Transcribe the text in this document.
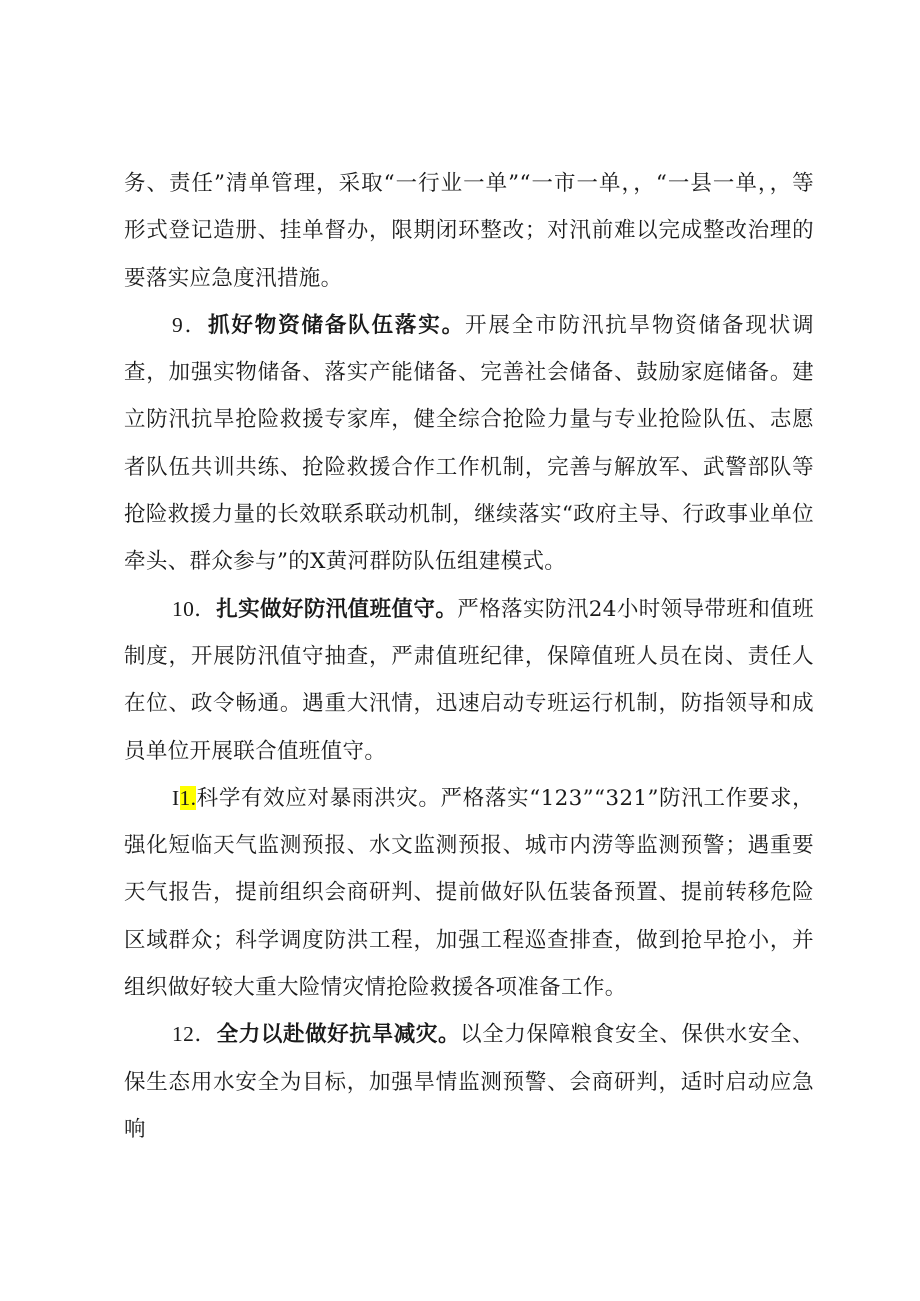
务、责任”清单管理，采取“一行业一单”“一市一单，，“一县一单，，等形式登记造册、挂单督办，限期闭环整改；对汛前难以完成整改治理的要落实应急度汛措施。

9．抓好物资储备队伍落实。开展全市防汛抗旱物资储备现状调查，加强实物储备、落实产能储备、完善社会储备、鼓励家庭储备。建立防汛抗旱抢险救援专家库，健全综合抢险力量与专业抢险队伍、志愿者队伍共训共练、抢险救援合作工作机制，完善与解放军、武警部队等抢险救援力量的长效联系联动机制，继续落实“政府主导、行政事业单位牵头、群众参与”的X黄河群防队伍组建模式。

10．扎实做好防汛值班值守。严格落实防汛24小时领导带班和值班制度，开展防汛值守抽查，严肃值班纪律，保障值班人员在岗、责任人在位、政令畅通。遇重大汛情，迅速启动专班运行机制，防指领导和成员单位开展联合值班值守。

I1.科学有效应对暴雨洪灾。严格落实“123”“321”防汛工作要求，强化短临天气监测预报、水文监测预报、城市内涝等监测预警；遇重要天气报告，提前组织会商研判、提前做好队伍装备预置、提前转移危险区域群众；科学调度防洪工程，加强工程巡查排查，做到抢早抢小，并组织做好较大重大险情灾情抢险救援各项准备工作。

12．全力以赴做好抗旱减灾。以全力保障粮食安全、保供水安全、保生态用水安全为目标，加强旱情监测预警、会商研判，适时启动应急响
